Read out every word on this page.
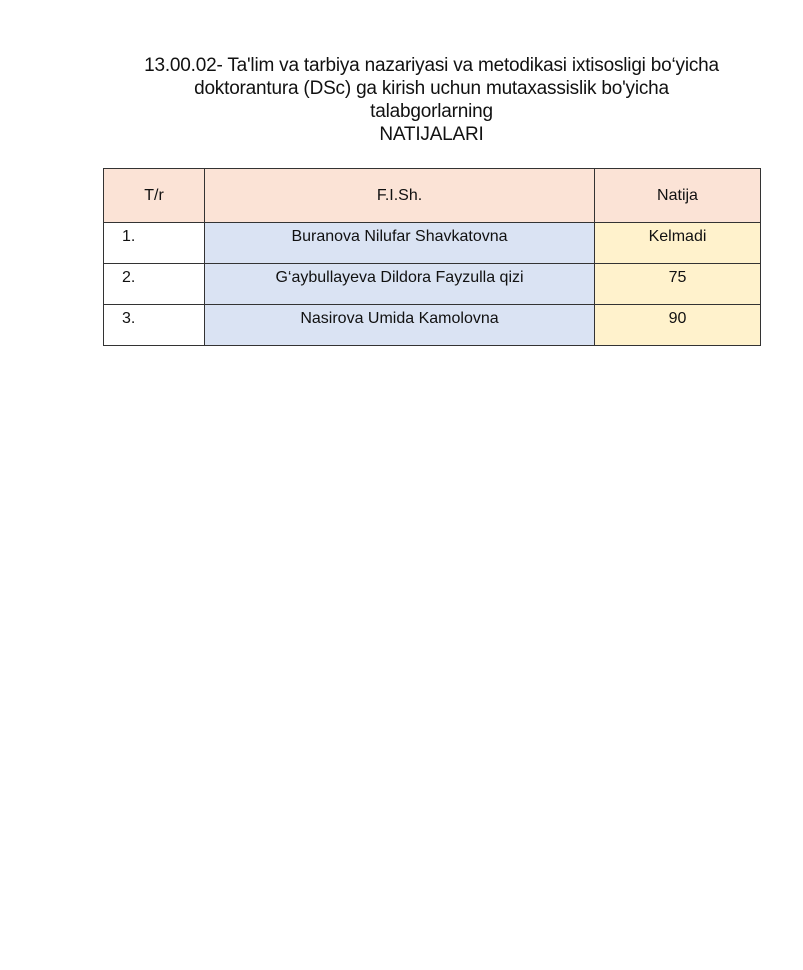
13.00.02- Ta'lim va tarbiya nazariyasi va metodikasi ixtisosligi bo‘yicha
doktorantura (DSc) ga kirish uchun mutaxassislik bo'yicha
talabgorlarning
NATIJALARI
T/r	F.I.Sh.	Natija
1.	Buranova Nilufar Shavkatovna	Kelmadi
2.	G‘aybullayeva Dildora Fayzulla qizi	75
3.	Nasirova Umida Kamolovna	90
